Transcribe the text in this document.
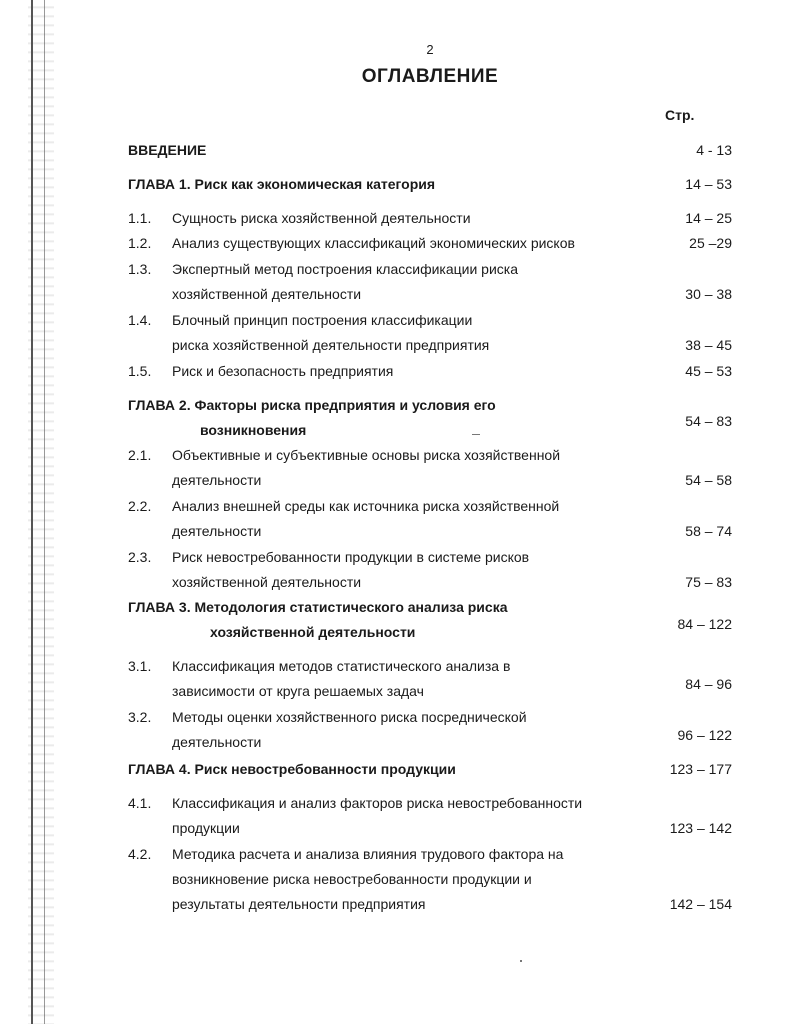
2
ОГЛАВЛЕНИЕ
Стр.
ВВЕДЕНИЕ	4 - 13
ГЛАВА 1. Риск как экономическая категория	14 – 53
1.1. Сущность риска хозяйственной деятельности	14 – 25
1.2. Анализ существующих классификаций экономических рисков	25 –29
1.3. Экспертный метод построения классификации риска
хозяйственной деятельности	30 – 38
1.4. Блочный принцип построения классификации
риска хозяйственной деятельности предприятия	38 – 45
1.5. Риск и безопасность предприятия	45 – 53
ГЛАВА 2. Факторы риска предприятия и условия его
возникновения
54 – 83
2.1. Объективные и субъективные основы риска хозяйственной
деятельности	54 – 58
2.2. Анализ внешней среды как источника риска хозяйственной
деятельности	58 – 74
2.3. Риск невостребованности продукции в системе рисков
хозяйственной деятельности	75 – 83
ГЛАВА 3. Методология статистического анализа риска
хозяйственной деятельности	84 – 122
3.1. Классификация методов статистического анализа в
зависимости от круга решаемых задач	84 – 96
3.2. Методы оценки хозяйственного риска посреднической
деятельности	96 – 122
ГЛАВА 4. Риск невостребованности продукции	123 – 177
4.1. Классификация и анализ факторов риска невостребованности
продукции	123 – 142
4.2. Методика расчета и анализа влияния трудового фактора на
возникновение риска невостребованности продукции и
результаты деятельности предприятия	142 – 154
